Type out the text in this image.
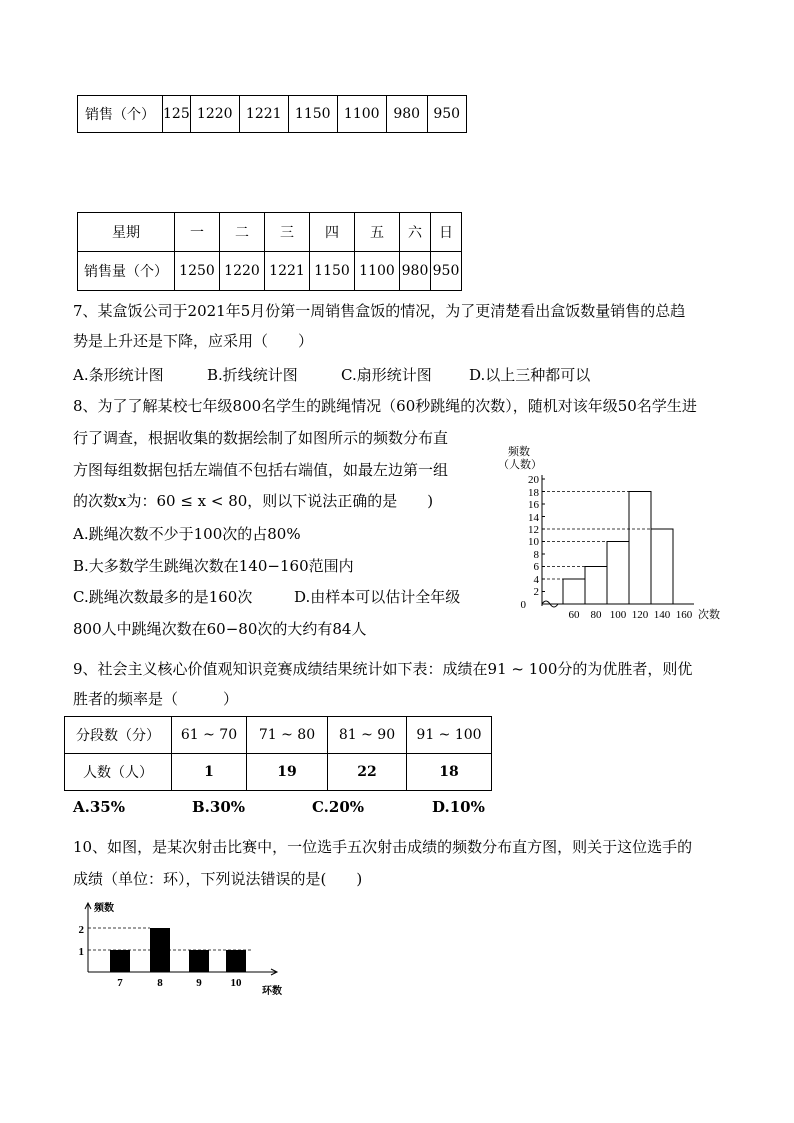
销售（个）	125	1220	1221	1150	1100	980	950
星期	一	二	三	四	五	六	日
销售量（个）	1250	1220	1221	1150	1100	980	950
7、某盒饭公司于2021年5月份第一周销售盒饭的情况，为了更清楚看出盒饭数量销售的总趋
势是上升还是下降，应采用（　　）
A.条形统计图	B.折线统计图	C.扇形统计图 D.以上三种都可以
8、为了了解某校七年级800名学生的跳绳情况（60秒跳绳的次数），随机对该年级50名学生进
行了调查，根据收集的数据绘制了如图所示的频数分布直
方图每组数据包括左端值不包括右端值，如最左边第一组
的次数x为：60 ≤ x < 80，则以下说法正确的是　　)
A.跳绳次数不少于100次的占80%
B.大多数学生跳绳次数在140−160范围内
C.跳绳次数最多的是160次	D.由样本可以估计全年级
800人中跳绳次数在60−80次的大约有84人
频数
（人数）
0
2
4
6
8
10
12
14
16
18
20
60 80 100 120 140 160 次数
9、社会主义核心价值观知识竞赛成绩结果统计如下表：成绩在91 ~ 100分的为优胜者，则优
胜者的频率是（　　　）
分段数（分）	61 ~ 70	71 ~ 80	81 ~ 90	91 ~ 100
人数（人）	1	19	22	18
A.35%	B.30%	C.20%	D.10%
10、如图，是某次射击比赛中，一位选手五次射击成绩的频数分布直方图，则关于这位选手的
成绩（单位：环），下列说法错误的是(　　)
频数
2
1
7	8	9	10
环数
